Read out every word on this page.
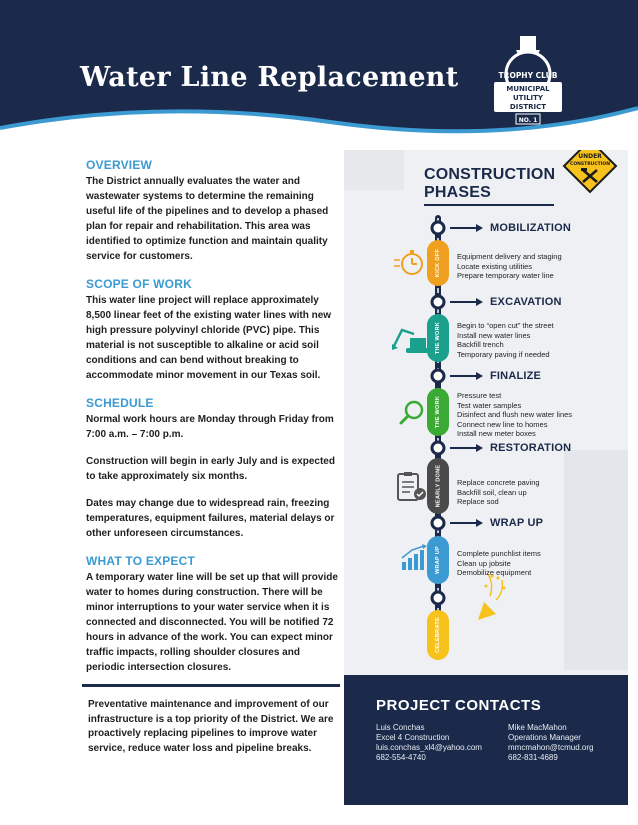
Water Line Replacement	TROPHY CLUB
MUNICIPAL
UTILITY
DISTRICT
NO. 1
OVERVIEW

The District annually evaluates the water and wastewater systems to determine the remaining useful life of the pipelines and to develop a phased plan for repair and rehabilitation. This area was identified to optimize function and maintain quality service for customers.

SCOPE OF WORK

This water line project will replace approximately 8,500 linear feet of the existing water lines with new high pressure polyvinyl chloride (PVC) pipe. This material is not susceptible to alkaline or acid soil conditions and can bend without breaking to accommodate minor movement in our Texas soil.

SCHEDULE

Normal work hours are Monday through Friday from 7:00 a.m. – 7:00 p.m.

Construction will begin in early July and is expected to take approximately six months.

Dates may change due to widespread rain, freezing temperatures, equipment failures, material delays or other unforeseen circumstances.

WHAT TO EXPECT

A temporary water line will be set up that will provide water to homes during construction. There will be minor interruptions to your water service when it is connected and disconnected. You will be notified 72 hours in advance of the work. You can expect minor traffic impacts, rolling shoulder closures and periodic intersection closures.

Preventative maintenance and improvement of our infrastructure is a top priority of the District. We are proactively replacing pipelines to improve water service, reduce water loss and pipeline breaks.
UNDER
CONSTRUCTION
CONSTRUCTION
PHASES
MOBILIZATION
EXCAVATION
FINALIZE
RESTORATION
WRAP UP
KICK OFF
THE WORK
THE WORK
NEARLY DONE
WRAP UP
CELEBRATE
Equipment delivery and staging
Locate existing utilities
Prepare temporary water line
Begin to “open cut” the street
Install new water lines
Backfill trench
Temporary paving if needed
Pressure test
Test water samples
Disinfect and flush new water lines
Connect new line to homes
Install new meter boxes
Replace concrete paving
Backfill soil, clean up
Replace sod
Complete punchlist items
Clean up jobsite
Demobilize equipment
PROJECT CONTACTS
Luis Conchas
Excel 4 Construction
luis.conchas_xl4@yahoo.com
682-554-4740
Mike MacMahon
Operations Manager
mmcmahon@tcmud.org
682-831-4689
